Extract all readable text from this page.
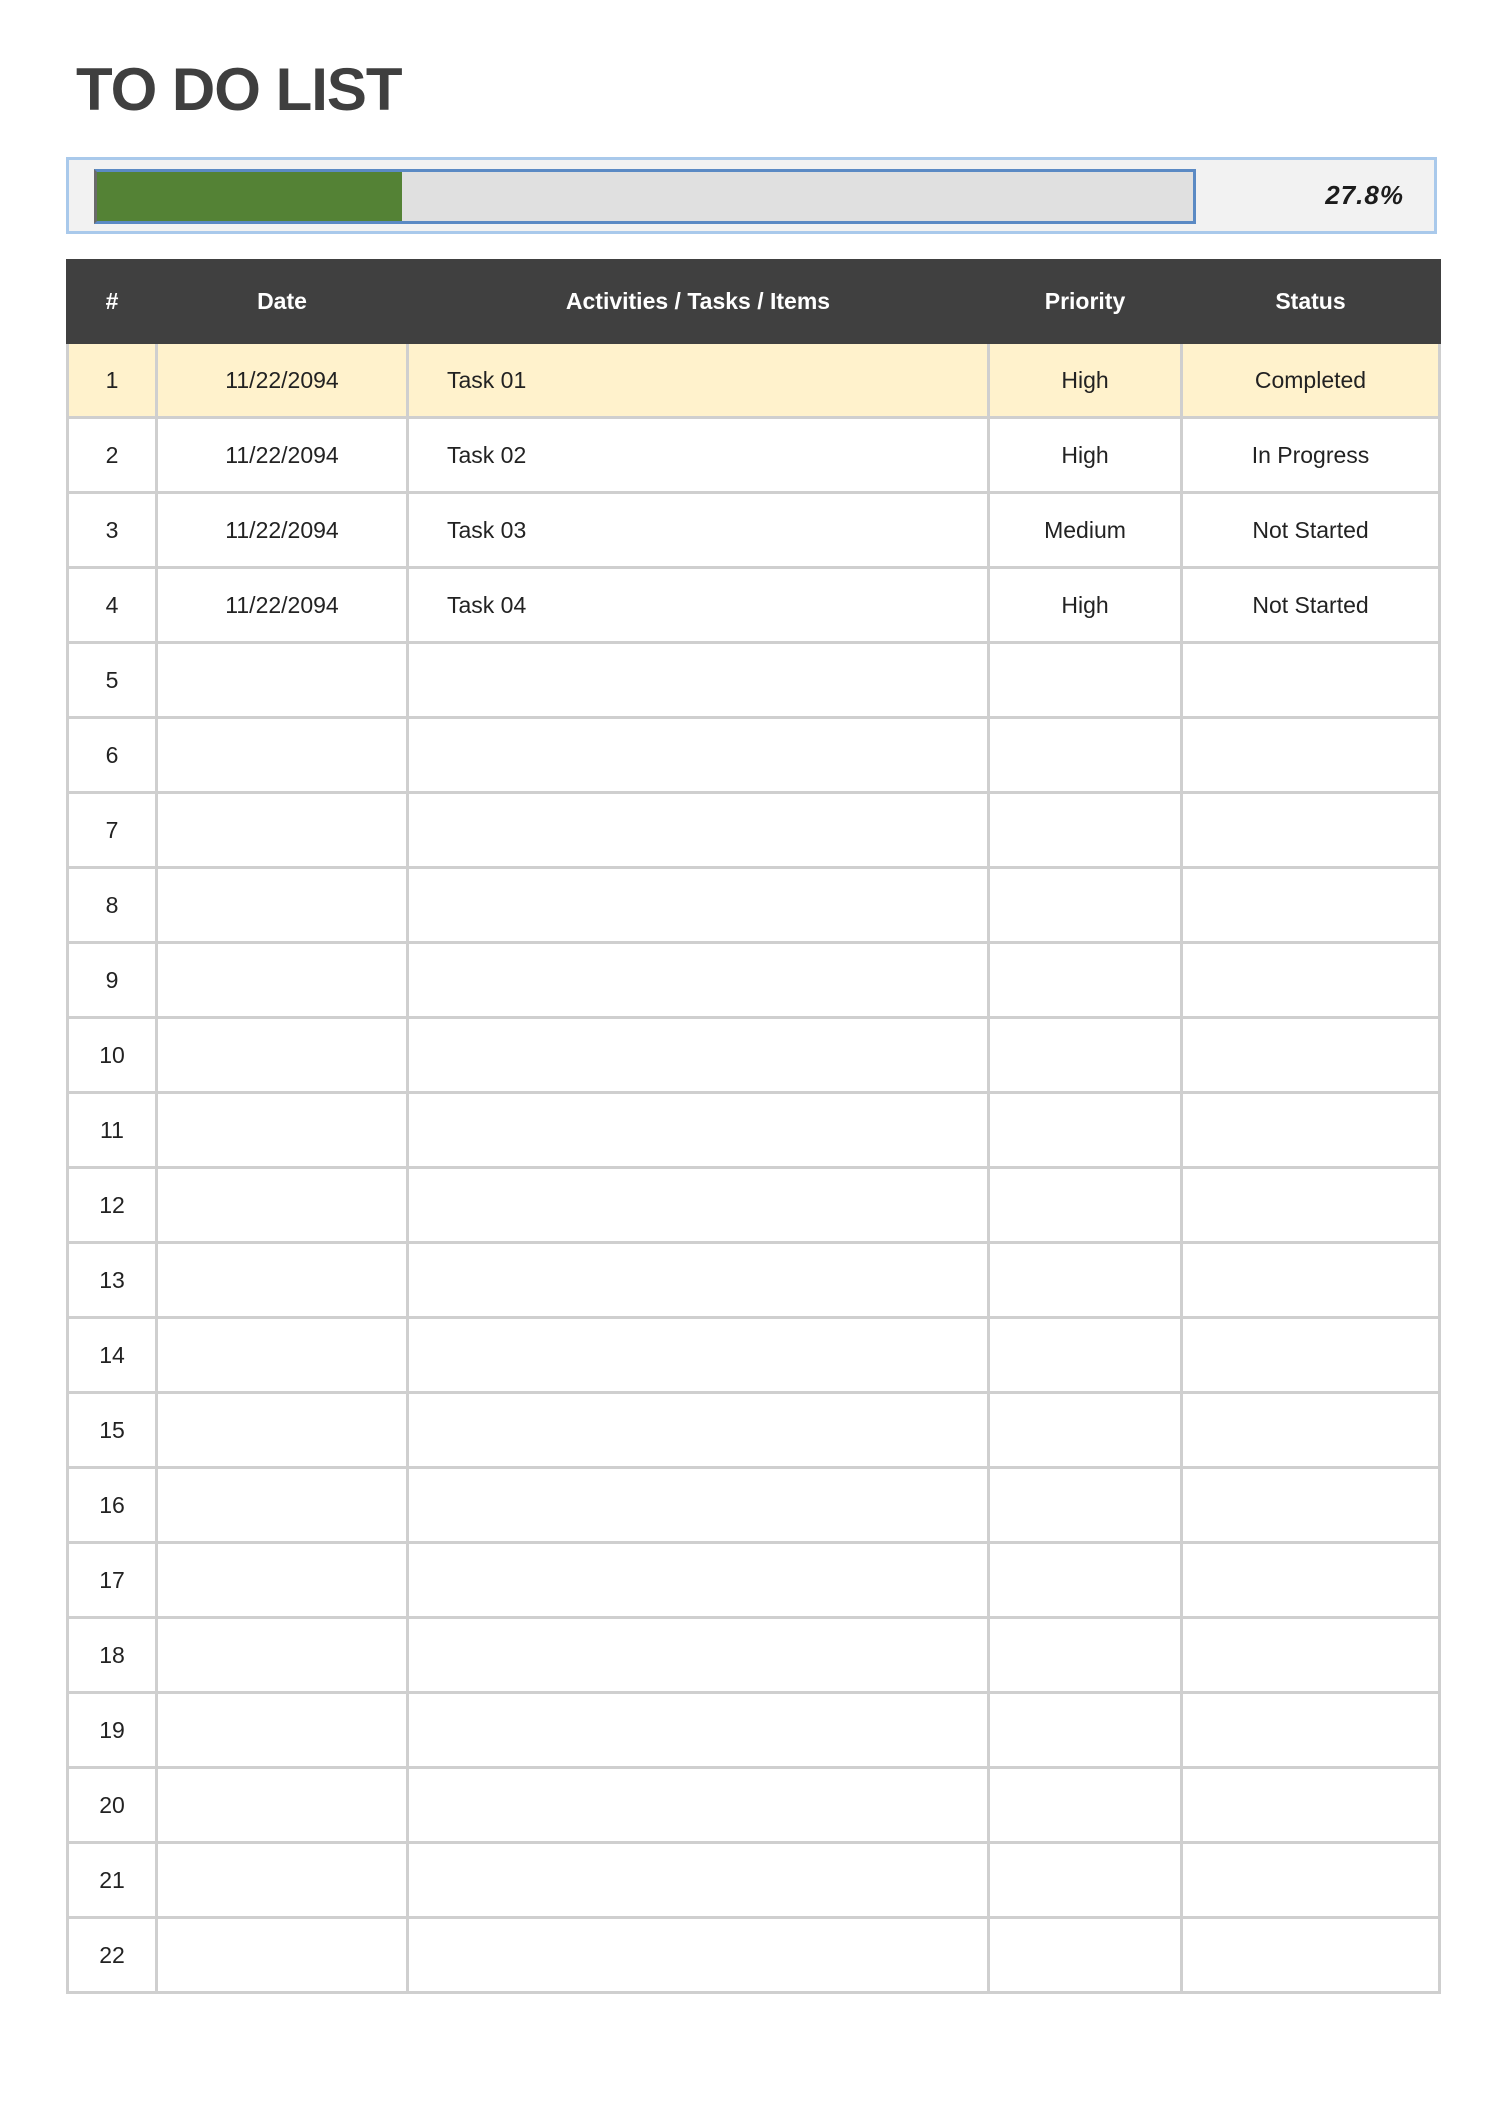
TO DO LIST
27.8%
#	Date	Activities / Tasks / Items	Priority	Status
1	11/22/2094	Task 01	High	Completed
2	11/22/2094	Task 02	High	In Progress
3	11/22/2094	Task 03	Medium	Not Started
4	11/22/2094	Task 04	High	Not Started
5				
6				
7				
8				
9				
10				
11				
12				
13				
14				
15				
16				
17				
18				
19				
20				
21				
22				
